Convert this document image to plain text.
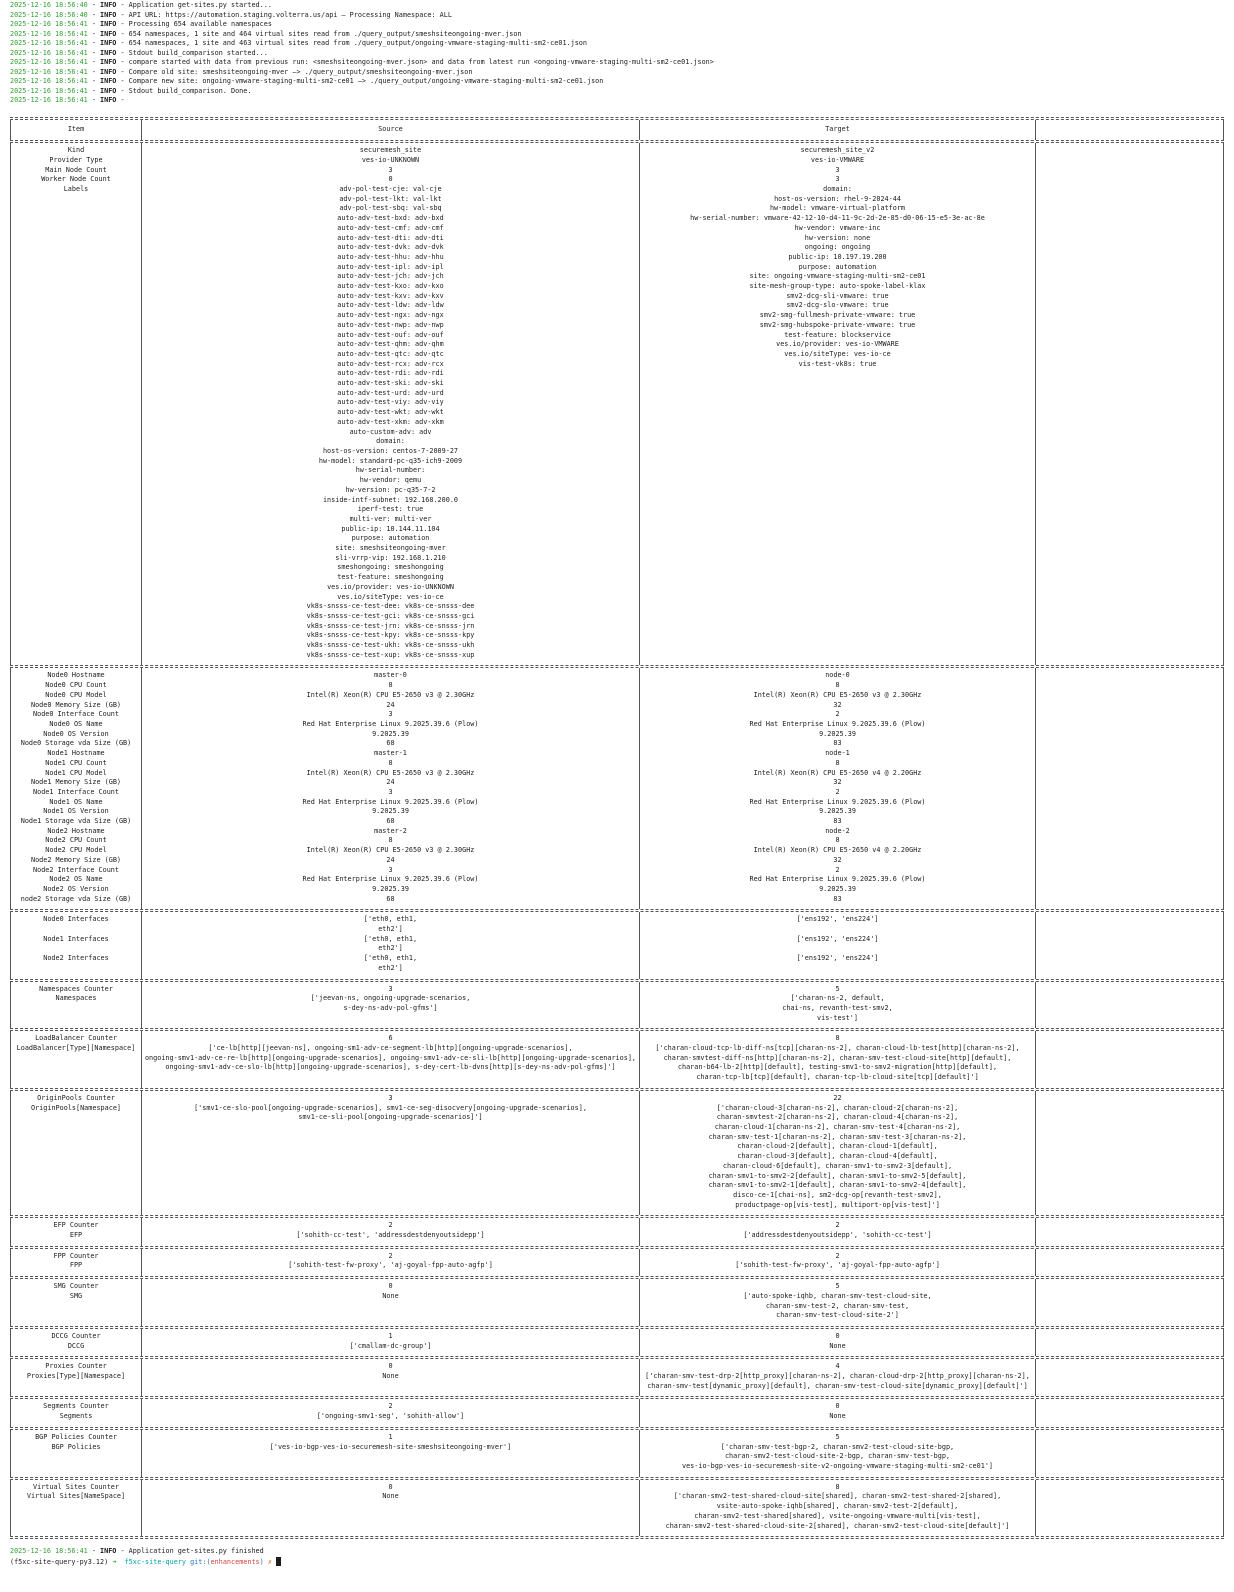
2025-12-16 18:56:40 - INFO - Application get-sites.py started...
2025-12-16 18:56:40 - INFO - API URL: https://automation.staging.volterra.us/api — Processing Namespace: ALL
2025-12-16 18:56:41 - INFO - Processing 654 available namespaces
2025-12-16 18:56:41 - INFO - 654 namespaces, 1 site and 464 virtual sites read from ./query_output/smeshsiteongoing-mver.json
2025-12-16 18:56:41 - INFO - 654 namespaces, 1 site and 463 virtual sites read from ./query_output/ongoing-vmware-staging-multi-sm2-ce01.json
2025-12-16 18:56:41 - INFO - Stdout build_comparison started...
2025-12-16 18:56:41 - INFO - compare started with data from previous run: <smeshsiteongoing-mver.json> and data from latest run <ongoing-vmware-staging-multi-sm2-ce01.json>
2025-12-16 18:56:41 - INFO - Compare old site: smeshsiteongoing-mver —> ./query_output/smeshsiteongoing-mver.json
2025-12-16 18:56:41 - INFO - Compare new site: ongoing-vmware-staging-multi-sm2-ce01 —> ./query_output/ongoing-vmware-staging-multi-sm2-ce01.json
2025-12-16 18:56:41 - INFO - Stdout build_comparison. Done.
2025-12-16 18:56:41 - INFO -
Item	Source	Target

Kind
Provider Type
Main Node Count
Worker Node Count
Labels
securemesh_site
ves-io-UNKNOWN
3
0
adv-pol-test-cje: val-cje
adv-pol-test-lkt: val-lkt
adv-pol-test-sbq: val-sbq
auto-adv-test-bxd: adv-bxd
auto-adv-test-cmf: adv-cmf
auto-adv-test-dti: adv-dti
auto-adv-test-dvk: adv-dvk
auto-adv-test-hhu: adv-hhu
auto-adv-test-ipl: adv-ipl
auto-adv-test-jch: adv-jch
auto-adv-test-kxo: adv-kxo
auto-adv-test-kxv: adv-kxv
auto-adv-test-ldw: adv-ldw
auto-adv-test-ngx: adv-ngx
auto-adv-test-nwp: adv-nwp
auto-adv-test-ouf: adv-ouf
auto-adv-test-qhm: adv-qhm
auto-adv-test-qtc: adv-qtc
auto-adv-test-rcx: adv-rcx
auto-adv-test-rdi: adv-rdi
auto-adv-test-ski: adv-ski
auto-adv-test-urd: adv-urd
auto-adv-test-viy: adv-viy
auto-adv-test-wkt: adv-wkt
auto-adv-test-xkm: adv-xkm
auto-custom-adv: adv
domain:
host-os-version: centos-7-2009-27
hw-model: standard-pc-q35-ich9-2009
hw-serial-number:
hw-vendor: qemu
hw-version: pc-q35-7-2
inside-intf-subnet: 192.168.200.0
iperf-test: true
multi-ver: multi-ver
public-ip: 10.144.11.104
purpose: automation
site: smeshsiteongoing-mver
sli-vrrp-vip: 192.168.1.210
smeshongoing: smeshongoing
test-feature: smeshongoing
ves.io/provider: ves-io-UNKNOWN
ves.io/siteType: ves-io-ce
vk8s-snsss-ce-test-dee: vk8s-ce-snsss-dee
vk8s-snsss-ce-test-gci: vk8s-ce-snsss-gci
vk8s-snsss-ce-test-jrn: vk8s-ce-snsss-jrn
vk8s-snsss-ce-test-kpy: vk8s-ce-snsss-kpy
vk8s-snsss-ce-test-ukh: vk8s-ce-snsss-ukh
vk8s-snsss-ce-test-xup: vk8s-ce-snsss-xup
securemesh_site_v2
ves-io-VMWARE
3
3
domain:
host-os-version: rhel-9-2024-44
hw-model: vmware-virtual-platform
hw-serial-number: vmware-42-12-10-d4-11-9c-2d-2e-85-d0-06-15-e5-3e-ac-8e
hw-vendor: vmware-inc
hw-version: none
ongoing: ongoing
public-ip: 10.197.19.200
purpose: automation
site: ongoing-vmware-staging-multi-sm2-ce01
site-mesh-group-type: auto-spoke-label-klax
smv2-dcg-sli-vmware: true
smv2-dcg-slo-vmware: true
smv2-smg-fullmesh-private-vmware: true
smv2-smg-hubspoke-private-vmware: true
test-feature: blockservice
ves.io/provider: ves-io-VMWARE
ves.io/siteType: ves-io-ce
vis-test-vk8s: true

Node0 Hostname
Node0 CPU Count
Node0 CPU Model
Node0 Memory Size (GB)
Node0 Interface Count
Node0 OS Name
Node0 OS Version
Node0 Storage vda Size (GB)
Node1 Hostname
Node1 CPU Count
Node1 CPU Model
Node1 Memory Size (GB)
Node1 Interface Count
Node1 OS Name
Node1 OS Version
Node1 Storage vda Size (GB)
Node2 Hostname
Node2 CPU Count
Node2 CPU Model
Node2 Memory Size (GB)
Node2 Interface Count
Node2 OS Name
Node2 OS Version
node2 Storage vda Size (GB)
master-0
8
Intel(R) Xeon(R) CPU E5-2650 v3 @ 2.30GHz
24
3
Red Hat Enterprise Linux 9.2025.39.6 (Plow)
9.2025.39
68
master-1
8
Intel(R) Xeon(R) CPU E5-2650 v3 @ 2.30GHz
24
3
Red Hat Enterprise Linux 9.2025.39.6 (Plow)
9.2025.39
68
master-2
8
Intel(R) Xeon(R) CPU E5-2650 v3 @ 2.30GHz
24
3
Red Hat Enterprise Linux 9.2025.39.6 (Plow)
9.2025.39
68
node-0
8
Intel(R) Xeon(R) CPU E5-2650 v3 @ 2.30GHz
32
2
Red Hat Enterprise Linux 9.2025.39.6 (Plow)
9.2025.39
83
node-1
8
Intel(R) Xeon(R) CPU E5-2650 v4 @ 2.20GHz
32
2
Red Hat Enterprise Linux 9.2025.39.6 (Plow)
9.2025.39
83
node-2
8
Intel(R) Xeon(R) CPU E5-2650 v4 @ 2.20GHz
32
2
Red Hat Enterprise Linux 9.2025.39.6 (Plow)
9.2025.39
83

Node0 Interfaces

Node1 Interfaces

Node2 Interfaces

['eth0, eth1,
eth2']
['eth0, eth1,
eth2']
['eth0, eth1,
eth2']
['ens192', 'ens224']

['ens192', 'ens224']

['ens192', 'ens224']

Namespaces Counter
Namespaces
3
['jeevan-ns, ongoing-upgrade-scenarios,
s-dey-ns-adv-pol-gfms']
5
['charan-ns-2, default,
chai-ns, revanth-test-smv2,
vis-test']

LoadBalancer Counter
LoadBalancer[Type][Namespace]
6
['ce-lb[http][jeevan-ns], ongoing-sm1-adv-ce-segment-lb[http][ongoing-upgrade-scenarios],
ongoing-smv1-adv-ce-re-lb[http][ongoing-upgrade-scenarios], ongoing-smv1-adv-ce-sli-lb[http][ongoing-upgrade-scenarios],
ongoing-smv1-adv-ce-slo-lb[http][ongoing-upgrade-scenarios], s-dey-cert-lb-dvns[http][s-dey-ns-adv-pol-gfms]']
8
['charan-cloud-tcp-lb-diff-ns[tcp][charan-ns-2], charan-cloud-lb-test[http][charan-ns-2],
charan-smvtest-diff-ns[http][charan-ns-2], charan-smv-test-cloud-site[http][default],
charan-b64-lb-2[http][default], testing-smv1-to-smv2-migration[http][default],
charan-tcp-lb[tcp][default], charan-tcp-lb-cloud-site[tcp][default]']

OriginPools Counter
OriginPools[Namespace]
3
['smv1-ce-slo-pool[ongoing-upgrade-scenarios], smv1-ce-seg-disocvery[ongoing-upgrade-scenarios],
smv1-ce-sli-pool[ongoing-upgrade-scenarios]']
22
['charan-cloud-3[charan-ns-2], charan-cloud-2[charan-ns-2],
charan-smvtest-2[charan-ns-2], charan-cloud-4[charan-ns-2],
charan-cloud-1[charan-ns-2], charan-smv-test-4[charan-ns-2],
charan-smv-test-1[charan-ns-2], charan-smv-test-3[charan-ns-2],
charan-cloud-2[default], charan-cloud-1[default],
charan-cloud-3[default], charan-cloud-4[default],
charan-cloud-6[default], charan-smv1-to-smv2-3[default],
charan-smv1-to-smv2-2[default], charan-smv1-to-smv2-5[default],
charan-smv1-to-smv2-1[default], charan-smv1-to-smv2-4[default],
disco-ce-1[chai-ns], sm2-dcg-op[revanth-test-smv2],
productpage-op[vis-test], multiport-op[vis-test]']

EFP Counter
EFP
2
['sohith-cc-test', 'addressdestdenyoutsidepp']
2
['addressdestdenyoutsidepp', 'sohith-cc-test']

FPP Counter
FPP
2
['sohith-test-fw-proxy', 'aj-goyal-fpp-auto-agfp']
2
['sohith-test-fw-proxy', 'aj-goyal-fpp-auto-agfp']

SMG Counter
SMG
0
None
5
['auto-spoke-iqhb, charan-smv-test-cloud-site,
charan-smv-test-2, charan-smv-test,
charan-smv-test-cloud-site-2']

DCCG Counter
DCCG
1
['cmallam-dc-group']
0
None

Proxies Counter
Proxies[Type][Namespace]
0
None
4
['charan-smv-test-drp-2[http_proxy][charan-ns-2], charan-cloud-drp-2[http_proxy][charan-ns-2],
charan-smv-test[dynamic_proxy][default], charan-smv-test-cloud-site[dynamic_proxy][default]']

Segments Counter
Segments
2
['ongoing-smv1-seg', 'sohith-allow']
0
None

BGP Policies Counter
BGP Policies
1
['ves-io-bgp-ves-io-securemesh-site-smeshsiteongoing-mver']
5
['charan-smv-test-bgp-2, charan-smv2-test-cloud-site-bgp,
charan-smv2-test-cloud-site-2-bgp, charan-smv-test-bgp,
ves-io-bgp-ves-io-securemesh-site-v2-ongoing-vmware-staging-multi-sm2-ce01']

Virtual Sites Counter
Virtual Sites[NameSpace]
0
None
8
['charan-smv2-test-shared-cloud-site[shared], charan-smv2-test-shared-2[shared],
vsite-auto-spoke-iqhb[shared], charan-smv2-test-2[default],
charan-smv2-test-shared[shared], vsite-ongoing-vmware-multi[vis-test],
charan-smv2-test-shared-cloud-site-2[shared], charan-smv2-test-cloud-site[default]']

2025-12-16 18:56:41 - INFO - Application get-sites.py finished
(f5xc-site-query-py3.12) ➜ f5xc-site-query git:(enhancements) ✗
